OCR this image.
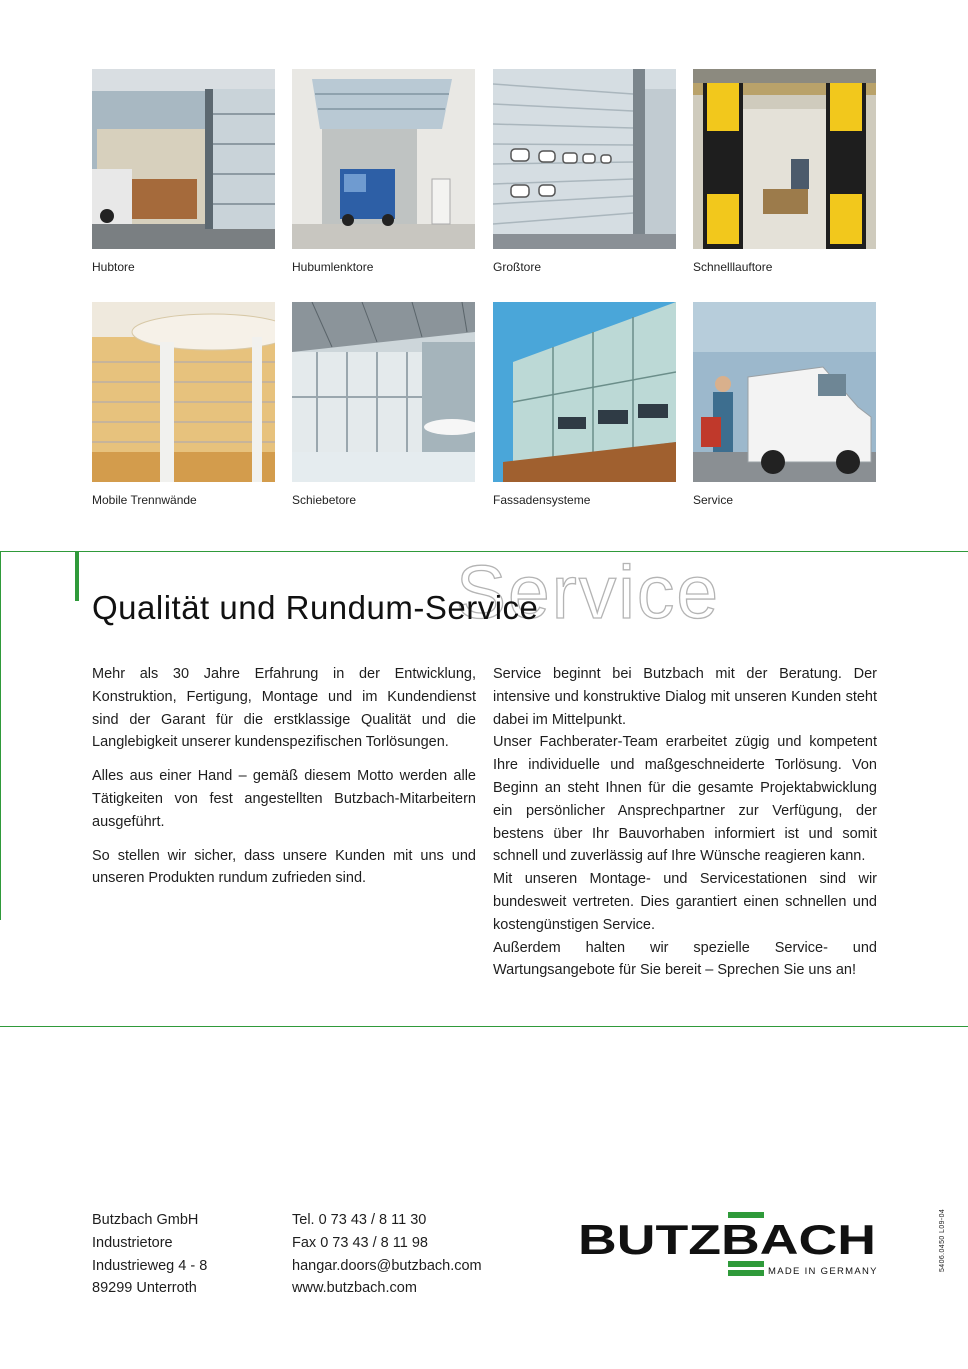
Hubtore	Hubumlenktore	Großtore	Schnelllauftore
Mobile Trennwände	Schiebetore	Fassadensysteme	Service
Service
Qualität und Rundum-Service

Mehr als 30 Jahre Erfahrung in der Entwicklung, Konstruktion, Fertigung, Montage und im Kundendienst sind der Garant für die erstklassige Qualität und die Langlebigkeit unserer kundenspezifischen Torlösungen.

Alles aus einer Hand – gemäß diesem Motto werden alle Tätigkeiten von fest angestellten Butzbach-Mitarbeitern ausgeführt.

So stellen wir sicher, dass unsere Kunden mit uns und unseren Produkten rundum zufrieden sind.

Service beginnt bei Butzbach mit der Beratung. Der intensive und konstruktive Dialog mit unseren Kunden steht dabei im Mittelpunkt.

Unser Fachberater-Team erarbeitet zügig und kompetent Ihre individuelle und maßgeschneiderte Torlösung. Von Beginn an steht Ihnen für die gesamte Projektabwicklung ein persönlicher Ansprechpartner zur Verfügung, der bestens über Ihr Bauvorhaben informiert ist und somit schnell und zuverlässig auf Ihre Wünsche reagieren kann.

Mit unseren Montage- und Servicestationen sind wir bundesweit vertreten. Dies garantiert einen schnellen und kostengünstigen Service.

Außerdem halten wir spezielle Service- und Wartungsangebote für Sie bereit – Sprechen Sie uns an!

Butzbach GmbH
Industrietore
Industrieweg 4 - 8
89299 Unterroth
Tel. 0 73 43 / 8 11 30
Fax 0 73 43 / 8 11 98
hangar.doors@butzbach.com
www.butzbach.com
BUTZBACH
MADE IN GERMANY	5406.0450 L09-04
